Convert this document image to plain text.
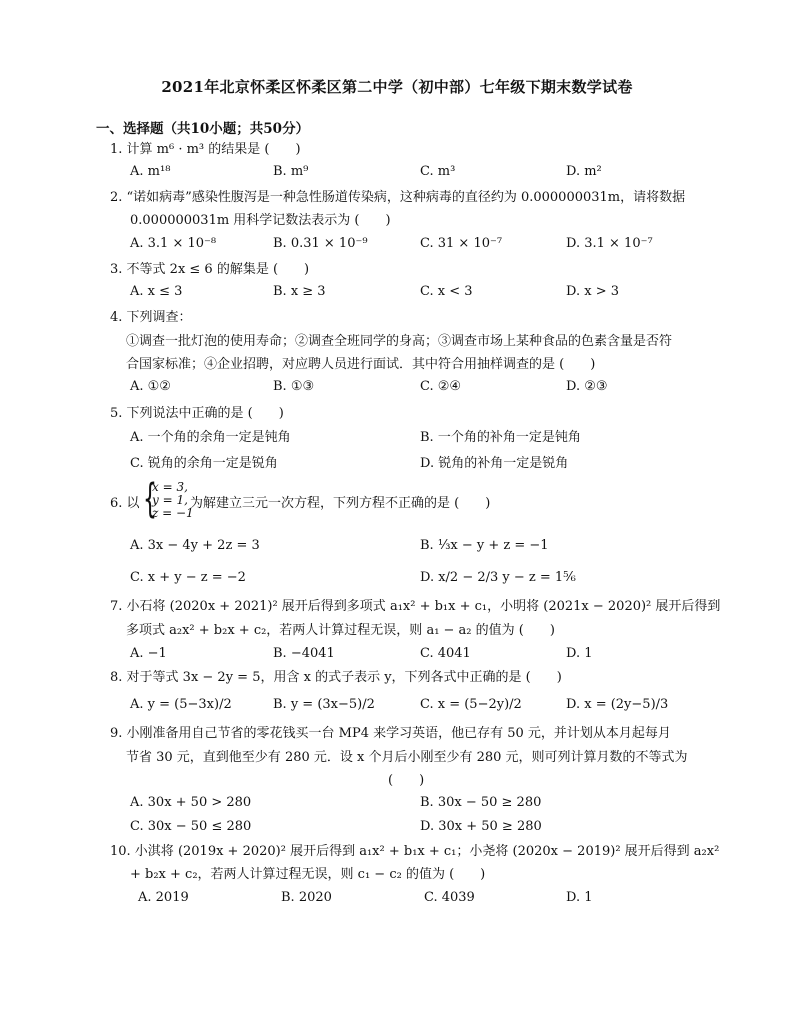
2021年北京怀柔区怀柔区第二中学（初中部）七年级下期末数学试卷
一、选择题（共10小题；共50分）
1. 计算 m⁶ · m³ 的结果是 (　　)
A. m¹⁸	B. m⁹	C. m³	D. m²
2. “诺如病毒”感染性腹泻是一种急性肠道传染病，这种病毒的直径约为 0.000000031m，请将数据
0.000000031m 用科学记数法表示为 (　　)
A. 3.1 × 10⁻⁸	B. 0.31 × 10⁻⁹	C. 31 × 10⁻⁷	D. 3.1 × 10⁻⁷
3. 不等式 2x ≤ 6 的解集是 (　　)
A. x ≤ 3	B. x ≥ 3	C. x < 3	D. x > 3
4. 下列调查：
①调查一批灯泡的使用寿命；②调查全班同学的身高；③调查市场上某种食品的色素含量是否符
合国家标准；④企业招聘，对应聘人员进行面试．其中符合用抽样调查的是 (　　)
A. ①②	B. ①③	C. ②④	D. ②③
5. 下列说法中正确的是 (　　)
A. 一个角的余角一定是钝角	B. 一个角的补角一定是钝角
C. 锐角的余角一定是锐角	D. 锐角的补角一定是锐角
6. 以 {
x = 3,
y = 1,
z = −1
为解建立三元一次方程，下列方程不正确的是 (　　)
A. 3x − 4y + 2z = 3	B. ⅓x − y + z = −1
C. x + y − z = −2	D. x/2 − 2/3 y − z = 1⅚
7. 小石将 (2020x + 2021)² 展开后得到多项式 a₁x² + b₁x + c₁，小明将 (2021x − 2020)² 展开后得到
多项式 a₂x² + b₂x + c₂，若两人计算过程无误，则 a₁ − a₂ 的值为 (　　)
A. −1	B. −4041	C. 4041	D. 1
8. 对于等式 3x − 2y = 5，用含 x 的式子表示 y，下列各式中正确的是 (　　)
A. y = (5−3x)/2	B. y = (3x−5)/2	C. x = (5−2y)/2	D. x = (2y−5)/3
9. 小刚准备用自己节省的零花钱买一台 MP4 来学习英语，他已存有 50 元，并计划从本月起每月
节省 30 元，直到他至少有 280 元．设 x 个月后小刚至少有 280 元，则可列计算月数的不等式为
(　　)
A. 30x + 50 > 280	B. 30x − 50 ≥ 280
C. 30x − 50 ≤ 280	D. 30x + 50 ≥ 280
10. 小淇将 (2019x + 2020)² 展开后得到 a₁x² + b₁x + c₁；小尧将 (2020x − 2019)² 展开后得到 a₂x²
+ b₂x + c₂，若两人计算过程无误，则 c₁ − c₂ 的值为 (　　)
A. 2019	B. 2020	C. 4039	D. 1
